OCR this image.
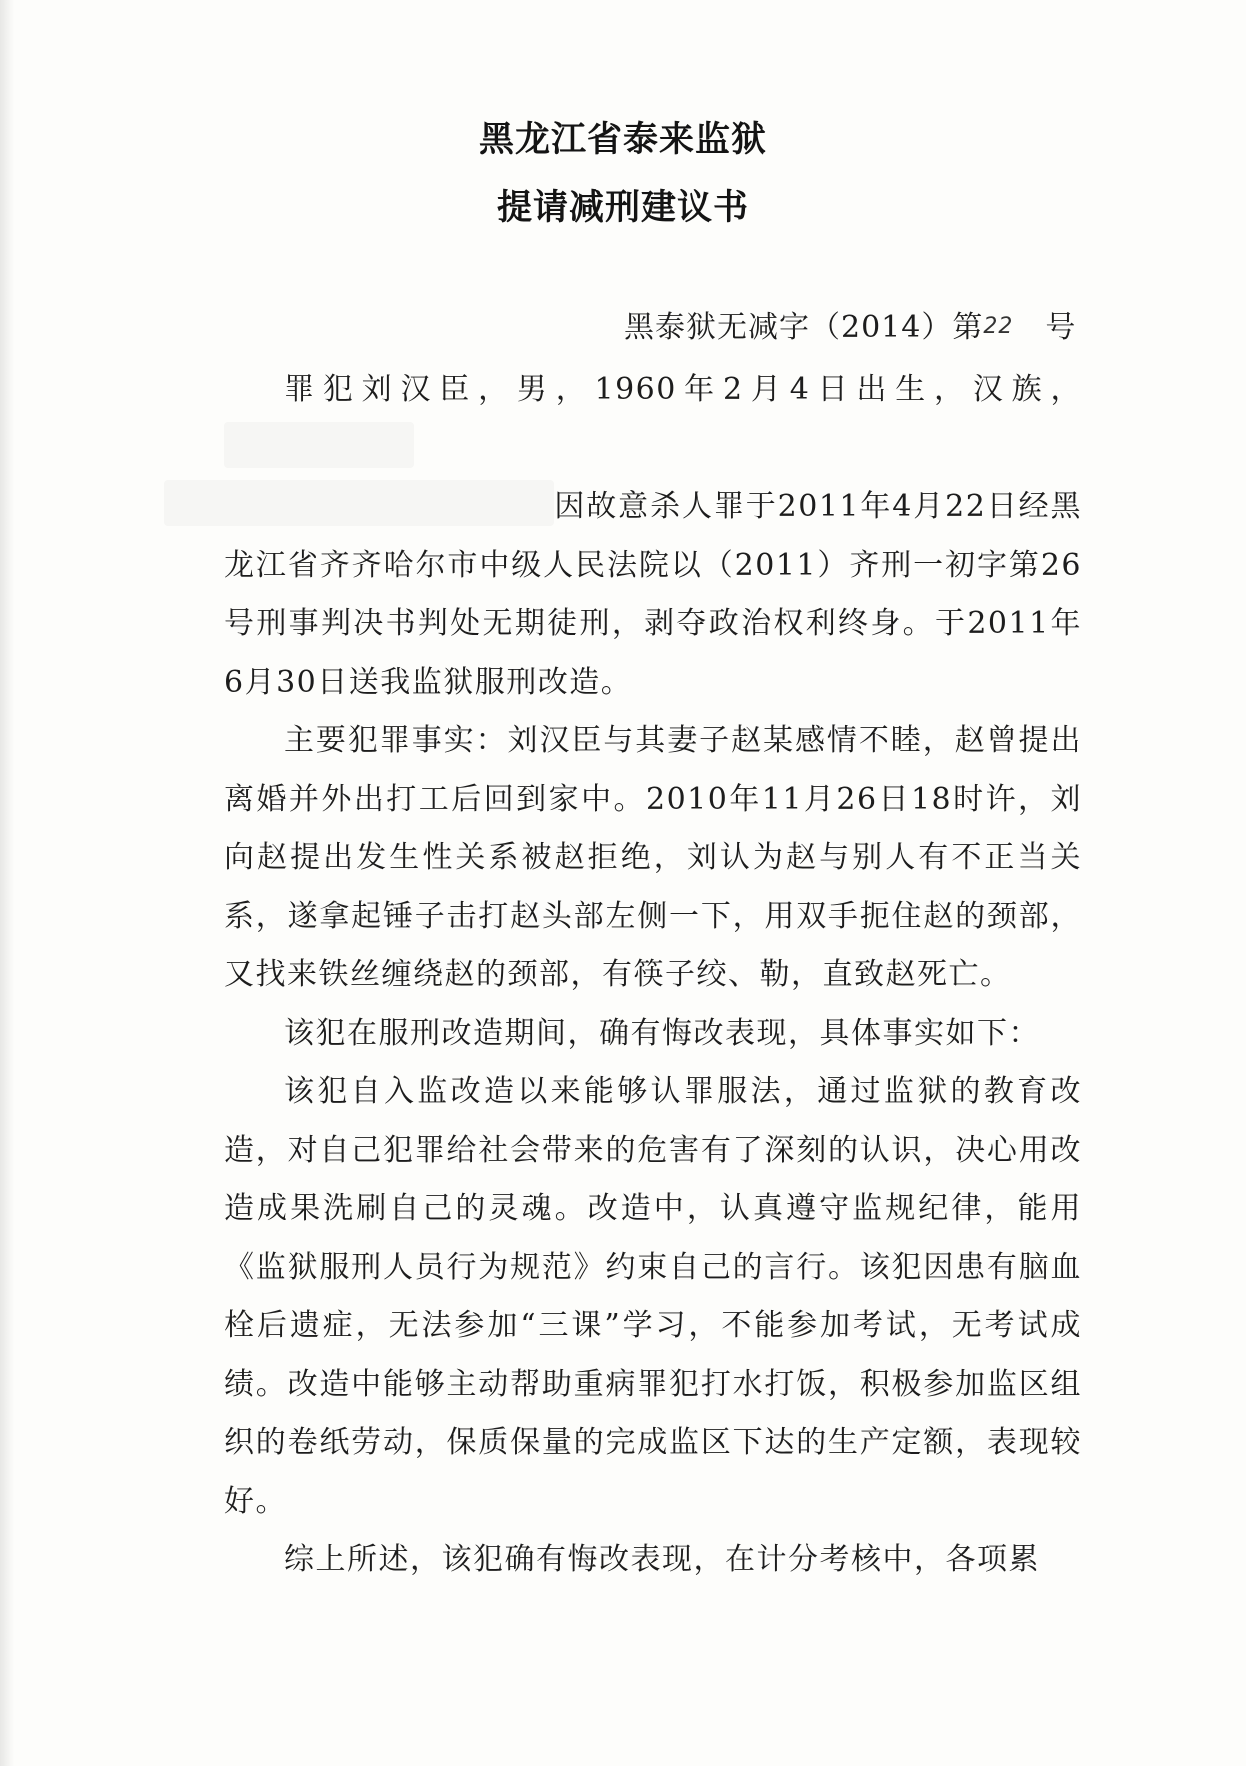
黑龙江省泰来监狱
提请减刑建议书
黑泰狱无减字（2014）第22 号

罪犯刘汉臣，男，1960年2月4日出生，汉族，
因故意杀人罪于2011年4月22日经黑龙江省齐齐哈尔市中级人民法院以（2011）齐刑一初字第26号刑事判决书判处无期徒刑，剥夺政治权利终身。于2011年6月30日送我监狱服刑改造。

主要犯罪事实：刘汉臣与其妻子赵某感情不睦，赵曾提出离婚并外出打工后回到家中。2010年11月26日18时许，刘向赵提出发生性关系被赵拒绝，刘认为赵与别人有不正当关系，遂拿起锤子击打赵头部左侧一下，用双手扼住赵的颈部，又找来铁丝缠绕赵的颈部，有筷子绞、勒，直致赵死亡。

该犯在服刑改造期间，确有悔改表现，具体事实如下：

该犯自入监改造以来能够认罪服法，通过监狱的教育改造，对自己犯罪给社会带来的危害有了深刻的认识，决心用改造成果洗刷自己的灵魂。改造中，认真遵守监规纪律，能用《监狱服刑人员行为规范》约束自己的言行。该犯因患有脑血栓后遗症，无法参加“三课”学习，不能参加考试，无考试成绩。改造中能够主动帮助重病罪犯打水打饭，积极参加监区组织的卷纸劳动，保质保量的完成监区下达的生产定额，表现较好。

综上所述，该犯确有悔改表现，在计分考核中，各项累
